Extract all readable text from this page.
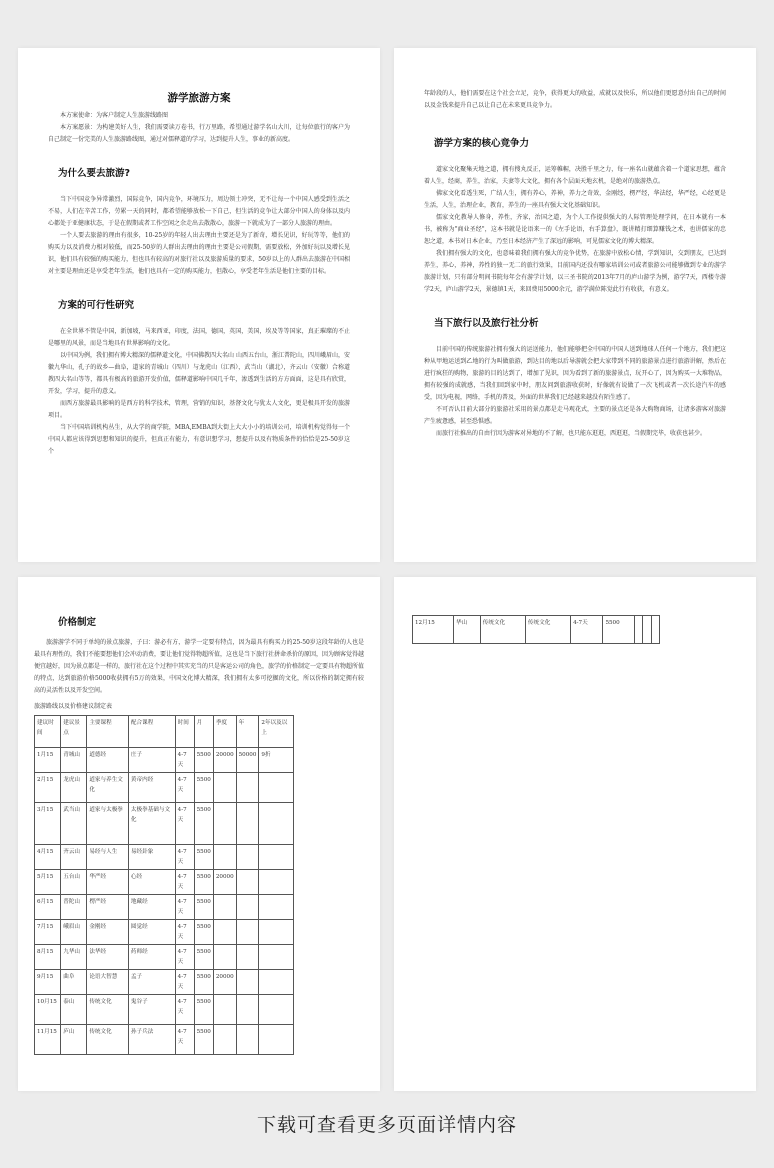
游学旅游方案

本方案使命：为客户制定人生旅游线路图

本方案愿景：为构建美好人生，我们需要读万卷书，行万里路，希望通过游学名山大川，让每位旅行的客户为自己制定一份完美的人生旅游路线图，通过对儒释道的学习，达到提升人生，事业的新高度。

为什么要去旅游?

当下中国竞争异常激烈，国际竞争，国内竞争，环境压力，周边领土冲突，无不让每一个中国人感受到生活之不易，人们在辛苦工作，劳累一天的同时，都希望能够放松一下自己，但生活的竞争让大部分中国人的身体以及内心都处于亚健康状态，于是在假期或者工作空闲之余走出去散散心，旅游一下就成为了一部分人旅游的理由。

一个人要去旅游的理由有很多，10-25岁的年轻人出去理由主要还是为了新奇，增长见识，好玩等等，他们的购买力以及消费力相对较低，而25-50岁的人群出去理由的理由主要是公司假期，需要放松，外加好玩以及增长见识，他们具有较强的购买能力，但也具有较高的对旅行社以及旅游质量的要求，50岁以上的人群出去旅游在中国相对主要是理由还是享受老年生活，他们也具有一定的购买能力，但散心，享受老年生活是他们主要的目标。

方案的可行性研究

在全世界不管是中国，新加坡，马来西亚，印度，法国，德国，英国，美国，埃及等等国家，真正璀璨的不止是哪里的风景，而是当地具有世界影响的文化。

以中国为例，我们拥有博大精深的儒释道文化，中国佛教四大名山 山西五台山，浙江普陀山，四川峨眉山，安徽九华山，孔子的故乡—曲阜，道家的青城山（四川）与龙虎山（江西），武当山（湖北），齐云山（安徽）合称道教四大名山等等，都具有极高的旅游开发价值，儒释道影响中国几千年，渗透到生活的方方面面，这是具有欣赏，开发，学习，提升的意义。

而西方旅游最具影响的是西方的科学技术，管理，营销的知识，基督文化与犹太人文化，更是极具开发的旅游项目。

当下中国培训机构丛生，从大学的商学院，MBA,EMBA到大街上大大小小的培训公司，培训机构觉得每一个中国人都应该得到思想和知识的提升，但真正有能力，有意识想学习，想提升以及有物质条件的恰恰是25-50岁这个

年龄段的人，他们需要在这个社会立足，竞争，获得更大的收益，成就以及快乐，所以他们更愿意付出自己的时间以及金钱来提升自己以让自己在未来更具竞争力。

游学方案的核心竞争力

道家文化聚集天地之道，拥有搜丸反正，运筹帷幄，决胜千里之力，每一座名山就蕴含着一个道家思想，蕴含着人生，经商，养生，治家，夫妻等大文化，拥有各个层面天地玄机，是绝对的旅游热点。

佛家文化看透生死，广结人生，拥有养心，养神，养力之奇效，金刚经，楞严经，华法经，华严经，心经更是生活，人生，治理企业，教育，养生的一座具有强大文化基础知识。

儒家文化教导人修身，养性，齐家，治国之道，为个人工作提供强大的人际管理处理学问，在日本就有一本书，被称为"商业圣经"，这本书就是论语来一的《左手论语，右手算盘》，既讲精打细算赚钱之术，也讲儒家的忠恕之道，本书对日本企业，乃至日本经济产生了深远的影响，可见儒家文化的博大精深。

我们拥有强大的文化，也意味着我们拥有强大的竞争优势，在旅游中放松心情，学到知识，交到朋友，已达到养生，养心，养神，养性的独一无二的旅行效果，目前国内还没有哪家培训公司或者旅游公司能够做到专业的游学旅游计划，只有部分明间书院每年会有游学计划，以三圣书院的2013年7月的庐山游学为例，游学7天，西楼寺游学2天，庐山游学2天，景德镇1天，来回费用5000余元，游学满位陈觉此行有收获，有意义。

当下旅行以及旅行社分析

目前中国的传统旅游社拥有强大的运送能力，他们能够把全中国的中国人送到地球人任何一个地方，我们把这种从甲地运送到乙地的行为叫做旅游，到达目的地以后导游就会把大家带到不同的旅游景点进行旅游讲解，然后在进行疯狂的购物，旅游的目的达到了，增加了见识，因为看到了新的旅游景点，玩开心了，因为购买一大堆物品，拥有较强的成就感，当我们回到家中时，朋友问到旅游收获时，好像就有说做了一次飞机或者一次长途汽车的感受，因为电视，网络，手机的普及，外面的世界我们已经越来越没有陌生感了。

不可否认目前大部分的旅游社采用的景点都是走马观花式，主要的景点还是各大购物商场，让诸多游客对旅游产生疲惫感，甚至恐惧感。

而旅行社推出的自由行因为游客对异地的不了解，也只能东逛逛，西逛逛，当假期完毕，收获也甚少。

价格制定

旅游游学不同于单纯的景点旅游，子曰：游必有方，游学一定要有特点，因为最具有购买力的25-50岁这段年龄的人也是最具有理性的，我们不能要想他们会冲动消费，要让他们觉得物超所值，这也是当下旅行社拼命杀价的原因，因为顾客觉得越便宜越好，因为景点都是一样的，旅行社在这个过程中其实充当的只是客运公司的角色，旅学的价格制定一定要具有物超所值的特点，达到旅游价格5000收获拥有5万的效果，中国文化博大精深，我们拥有太多可挖掘的文化，所以价格的制定拥有较高的灵活性以及开发空间。

旅游路线以及价格建议制定表
建议时间	建议景点	主要课程	配合课程	时间	月	季度	年	2年以及以上
1月15	青城山	道德经	庄子	4-7天	5500	20000	50000	9折
2月15	龙虎山	道家与养生文化	黄帝内经	4-7天	5500			
3月15	武当山	道家与太极拳	太极拳基础与文化	4-7天	5500			
4月15	齐云山	易经与人生	易经卦象	4-7天	5500			
5月15	五台山	华严经	心经	4-7天	5500	20000		
6月15	普陀山	楞严经	地藏经	4-7天	5500			
7月15	峨眉山	金刚经	圆觉经	4-7天	5500			
8月15	九华山	法华经	药师经	4-7天	5500			
9月15	曲阜	论语大智慧	孟子	4-7天	5500	20000		
10月15	泰山	传统文化	鬼谷子	4-7天	5500			
11月15	庐山	传统文化	孙子兵法	4-7天	5500			
12月15	华山	传统文化	传统文化	4-7天	5500			
下载可查看更多页面详情内容
